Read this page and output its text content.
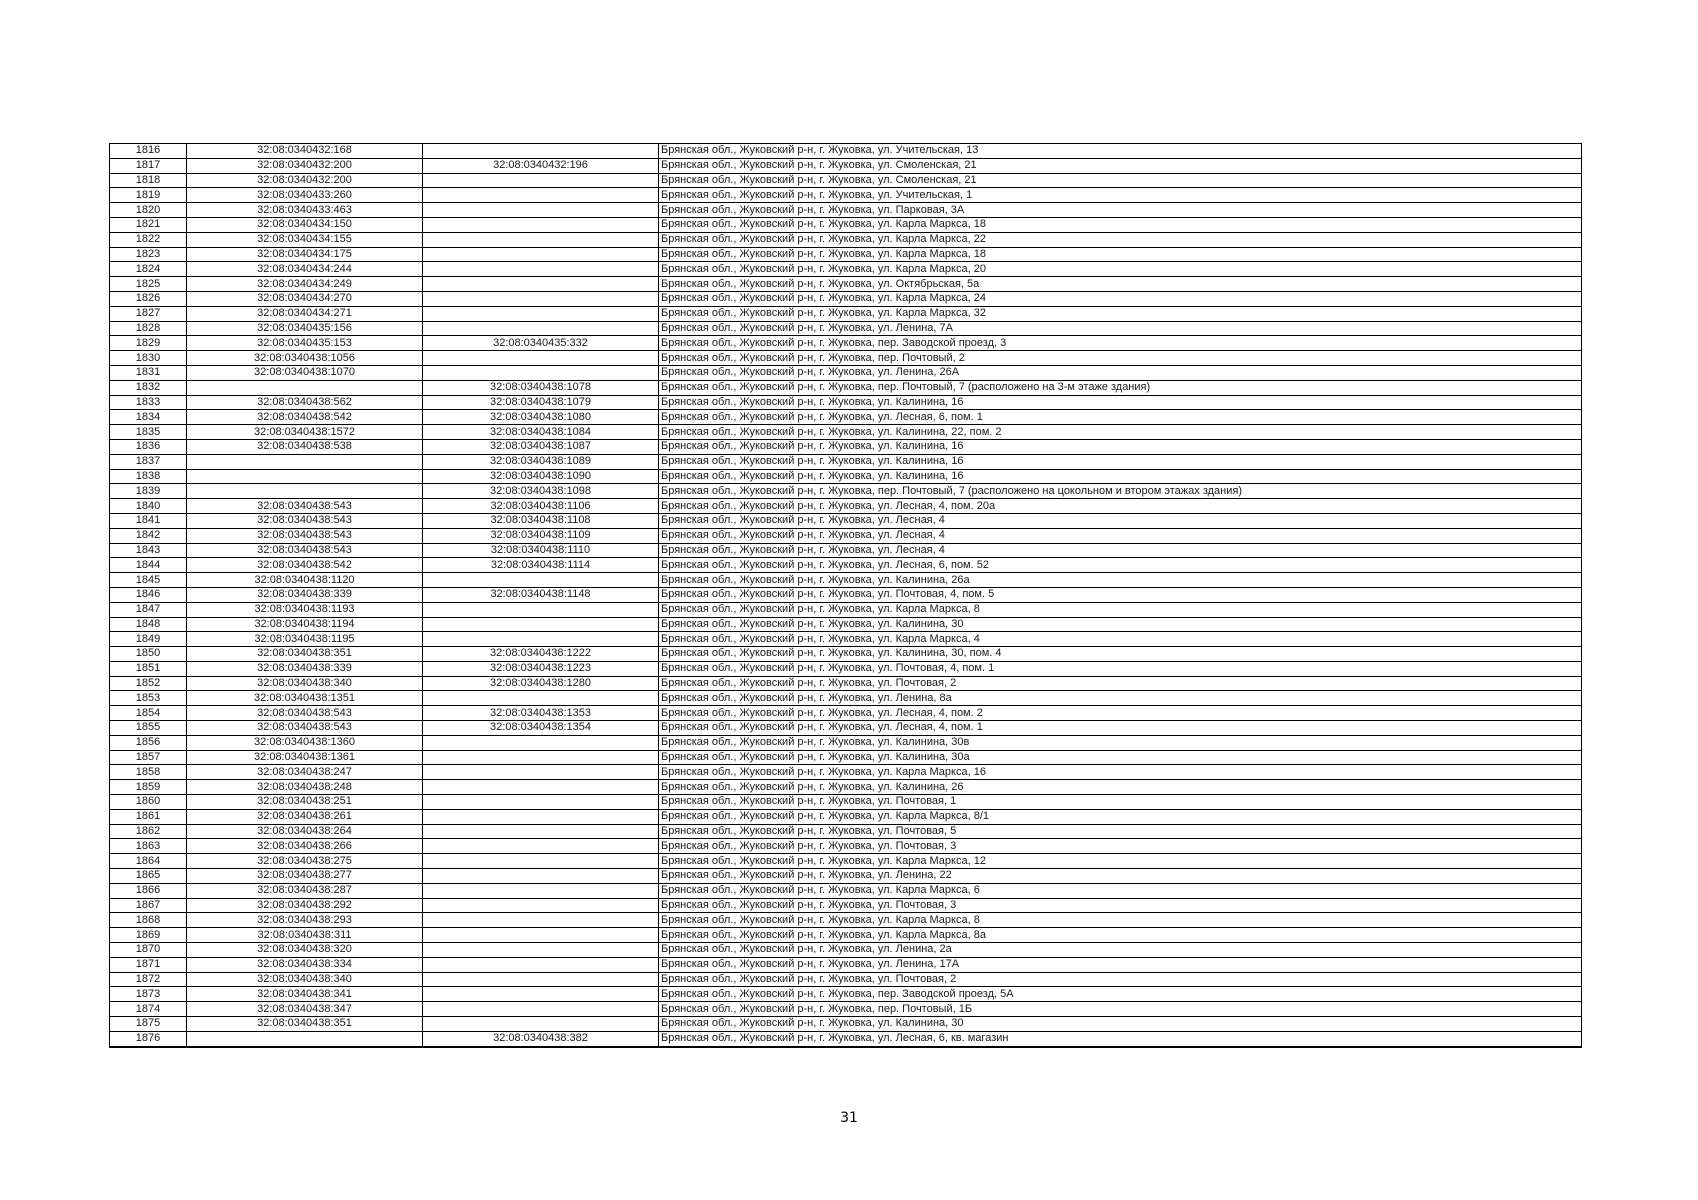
1816	32:08:0340432:168		Брянская обл., Жуковский р-н, г. Жуковка, ул. Учительская, 13
1817	32:08:0340432:200	32:08:0340432:196	Брянская обл., Жуковский р-н, г. Жуковка, ул. Смоленская, 21
1818	32:08:0340432:200		Брянская обл., Жуковский р-н, г. Жуковка, ул. Смоленская, 21
1819	32:08:0340433:260		Брянская обл., Жуковский р-н, г. Жуковка, ул. Учительская, 1
1820	32:08:0340433:463		Брянская обл., Жуковский р-н, г. Жуковка, ул. Парковая, 3А
1821	32:08:0340434:150		Брянская обл., Жуковский р-н, г. Жуковка, ул. Карла Маркса, 18
1822	32:08:0340434:155		Брянская обл., Жуковский р-н, г. Жуковка, ул. Карла Маркса, 22
1823	32:08:0340434:175		Брянская обл., Жуковский р-н, г. Жуковка, ул. Карла Маркса, 18
1824	32:08:0340434:244		Брянская обл., Жуковский р-н, г. Жуковка, ул. Карла Маркса, 20
1825	32:08:0340434:249		Брянская обл., Жуковский р-н, г. Жуковка, ул. Октябрьская, 5а
1826	32:08:0340434:270		Брянская обл., Жуковский р-н, г. Жуковка, ул. Карла Маркса, 24
1827	32:08:0340434:271		Брянская обл., Жуковский р-н, г. Жуковка, ул. Карла Маркса, 32
1828	32:08:0340435:156		Брянская обл., Жуковский р-н, г. Жуковка, ул. Ленина, 7А
1829	32:08:0340435:153	32:08:0340435:332	Брянская обл., Жуковский р-н, г. Жуковка, пер. Заводской проезд, 3
1830	32:08:0340438:1056		Брянская обл., Жуковский р-н, г. Жуковка, пер. Почтовый, 2
1831	32:08:0340438:1070		Брянская обл., Жуковский р-н, г. Жуковка, ул. Ленина, 26А
1832		32:08:0340438:1078	Брянская обл., Жуковский р-н, г. Жуковка, пер. Почтовый, 7 (расположено на 3-м этаже здания)
1833	32:08:0340438:562	32:08:0340438:1079	Брянская обл., Жуковский р-н, г. Жуковка, ул. Калинина, 16
1834	32:08:0340438:542	32:08:0340438:1080	Брянская обл., Жуковский р-н, г. Жуковка, ул. Лесная, 6, пом. 1
1835	32:08:0340438:1572	32:08:0340438:1084	Брянская обл., Жуковский р-н, г. Жуковка, ул. Калинина, 22, пом. 2
1836	32:08:0340438:538	32:08:0340438:1087	Брянская обл., Жуковский р-н, г. Жуковка, ул. Калинина, 16
1837		32:08:0340438:1089	Брянская обл., Жуковский р-н, г. Жуковка, ул. Калинина, 16
1838		32:08:0340438:1090	Брянская обл., Жуковский р-н, г. Жуковка, ул. Калинина, 16
1839		32:08:0340438:1098	Брянская обл., Жуковский р-н, г. Жуковка, пер. Почтовый, 7 (расположено на цокольном и втором этажах здания)
1840	32:08:0340438:543	32:08:0340438:1106	Брянская обл., Жуковский р-н, г. Жуковка, ул. Лесная, 4, пом. 20а
1841	32:08:0340438:543	32:08:0340438:1108	Брянская обл., Жуковский р-н, г. Жуковка, ул. Лесная, 4
1842	32:08:0340438:543	32:08:0340438:1109	Брянская обл., Жуковский р-н, г. Жуковка, ул. Лесная, 4
1843	32:08:0340438:543	32:08:0340438:1110	Брянская обл., Жуковский р-н, г. Жуковка, ул. Лесная, 4
1844	32:08:0340438:542	32:08:0340438:1114	Брянская обл., Жуковский р-н, г. Жуковка, ул. Лесная, 6, пом. 52
1845	32:08:0340438:1120		Брянская обл., Жуковский р-н, г. Жуковка, ул. Калинина, 26а
1846	32:08:0340438:339	32:08:0340438:1148	Брянская обл., Жуковский р-н, г. Жуковка, ул. Почтовая, 4, пом. 5
1847	32:08:0340438:1193		Брянская обл., Жуковский р-н, г. Жуковка, ул. Карла Маркса, 8
1848	32:08:0340438:1194		Брянская обл., Жуковский р-н, г. Жуковка, ул. Калинина, 30
1849	32:08:0340438:1195		Брянская обл., Жуковский р-н, г. Жуковка, ул. Карла Маркса, 4
1850	32:08:0340438:351	32:08:0340438:1222	Брянская обл., Жуковский р-н, г. Жуковка, ул. Калинина, 30, пом. 4
1851	32:08:0340438:339	32:08:0340438:1223	Брянская обл., Жуковский р-н, г. Жуковка, ул. Почтовая, 4, пом. 1
1852	32:08:0340438:340	32:08:0340438:1280	Брянская обл., Жуковский р-н, г. Жуковка, ул. Почтовая, 2
1853	32:08:0340438:1351		Брянская обл., Жуковский р-н, г. Жуковка, ул. Ленина, 8а
1854	32:08:0340438:543	32:08:0340438:1353	Брянская обл., Жуковский р-н, г. Жуковка, ул. Лесная, 4, пом. 2
1855	32:08:0340438:543	32:08:0340438:1354	Брянская обл., Жуковский р-н, г. Жуковка, ул. Лесная, 4, пом. 1
1856	32:08:0340438:1360		Брянская обл., Жуковский р-н, г. Жуковка, ул. Калинина, 30в
1857	32:08:0340438:1361		Брянская обл., Жуковский р-н, г. Жуковка, ул. Калинина, 30а
1858	32:08:0340438:247		Брянская обл., Жуковский р-н, г. Жуковка, ул. Карла Маркса, 16
1859	32:08:0340438:248		Брянская обл., Жуковский р-н, г. Жуковка, ул. Калинина, 26
1860	32:08:0340438:251		Брянская обл., Жуковский р-н, г. Жуковка, ул. Почтовая, 1
1861	32:08:0340438:261		Брянская обл., Жуковский р-н, г. Жуковка, ул. Карла Маркса, 8/1
1862	32:08:0340438:264		Брянская обл., Жуковский р-н, г. Жуковка, ул. Почтовая, 5
1863	32:08:0340438:266		Брянская обл., Жуковский р-н, г. Жуковка, ул. Почтовая, 3
1864	32:08:0340438:275		Брянская обл., Жуковский р-н, г. Жуковка, ул. Карла Маркса, 12
1865	32:08:0340438:277		Брянская обл., Жуковский р-н, г. Жуковка, ул. Ленина, 22
1866	32:08:0340438:287		Брянская обл., Жуковский р-н, г. Жуковка, ул. Карла Маркса, 6
1867	32:08:0340438:292		Брянская обл., Жуковский р-н, г. Жуковка, ул. Почтовая, 3
1868	32:08:0340438:293		Брянская обл., Жуковский р-н, г. Жуковка, ул. Карла Маркса, 8
1869	32:08:0340438:311		Брянская обл., Жуковский р-н, г. Жуковка, ул. Карла Маркса, 8а
1870	32:08:0340438:320		Брянская обл., Жуковский р-н, г. Жуковка, ул. Ленина, 2а
1871	32:08:0340438:334		Брянская обл., Жуковский р-н, г. Жуковка, ул. Ленина, 17А
1872	32:08:0340438:340		Брянская обл., Жуковский р-н, г. Жуковка, ул. Почтовая, 2
1873	32:08:0340438:341		Брянская обл., Жуковский р-н, г. Жуковка, пер. Заводской проезд, 5А
1874	32:08:0340438:347		Брянская обл., Жуковский р-н, г. Жуковка, пер. Почтовый, 1Б
1875	32:08:0340438:351		Брянская обл., Жуковский р-н, г. Жуковка, ул. Калинина, 30
1876		32:08:0340438:382	Брянская обл., Жуковский р-н, г. Жуковка, ул. Лесная, 6, кв. магазин
31
